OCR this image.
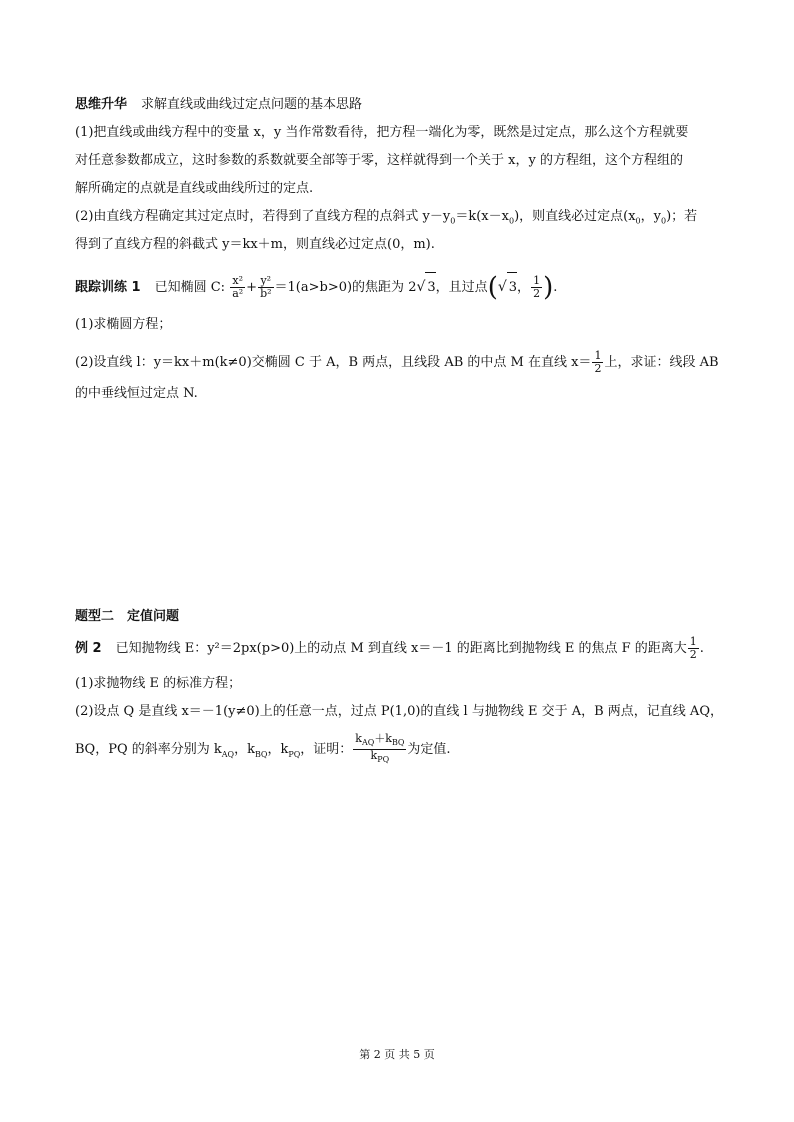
思维升华 求解直线或曲线过定点问题的基本思路
(1)把直线或曲线方程中的变量 x，y 当作常数看待，把方程一端化为零，既然是过定点，那么这个方程就要
对任意参数都成立，这时参数的系数就要全部等于零，这样就得到一个关于 x，y 的方程组，这个方程组的
解所确定的点就是直线或曲线所过的定点.
(2)由直线方程确定其过定点时，若得到了直线方程的点斜式 $y-y_0=k(x-x_0)$，则直线必过定点($x_0$，$y_0$)；若
得到了直线方程的斜截式 y＝kx＋m，则直线必过定点(0，m).
跟踪训练 1 已知椭圆 C: $\frac{\text{x²}}{\text{a²}} + \frac{\text{y²}}{\text{b²}} =1(a>b>0)$的焦距为 2√ 3，且过点(√ 3， $\frac{1}{2}$ ).
(1)求椭圆方程；
(2)设直线 l：y＝kx＋m(k≠0)交椭圆 C 于 A，B 两点，且线段 AB 的中点 M 在直线 $x= \frac{1}{2}$ 上，求证：线段 AB
的中垂线恒过定点 N.
题型二　定值问题
例 2 已知抛物线 E：y²＝2px(p>0)上的动点 M 到直线 x＝－1 的距离比到抛物线 E 的焦点 F 的距离大 $\frac{1}{2}$ .
(1)求抛物线 E 的标准方程；
(2)设点 Q 是直线 x＝－1(y≠0)上的任意一点，过点 P(1,0)的直线 l 与抛物线 E 交于 A，B 两点，记直线 AQ，
BQ，PQ 的斜率分别为 $k_{AQ}$，$k_{BQ}$，$k_{PQ}$，证明： $\frac{k_{AQ}+k_{BQ}}{k_{PQ}}$ 为定值.
第 2 页 共 5 页
